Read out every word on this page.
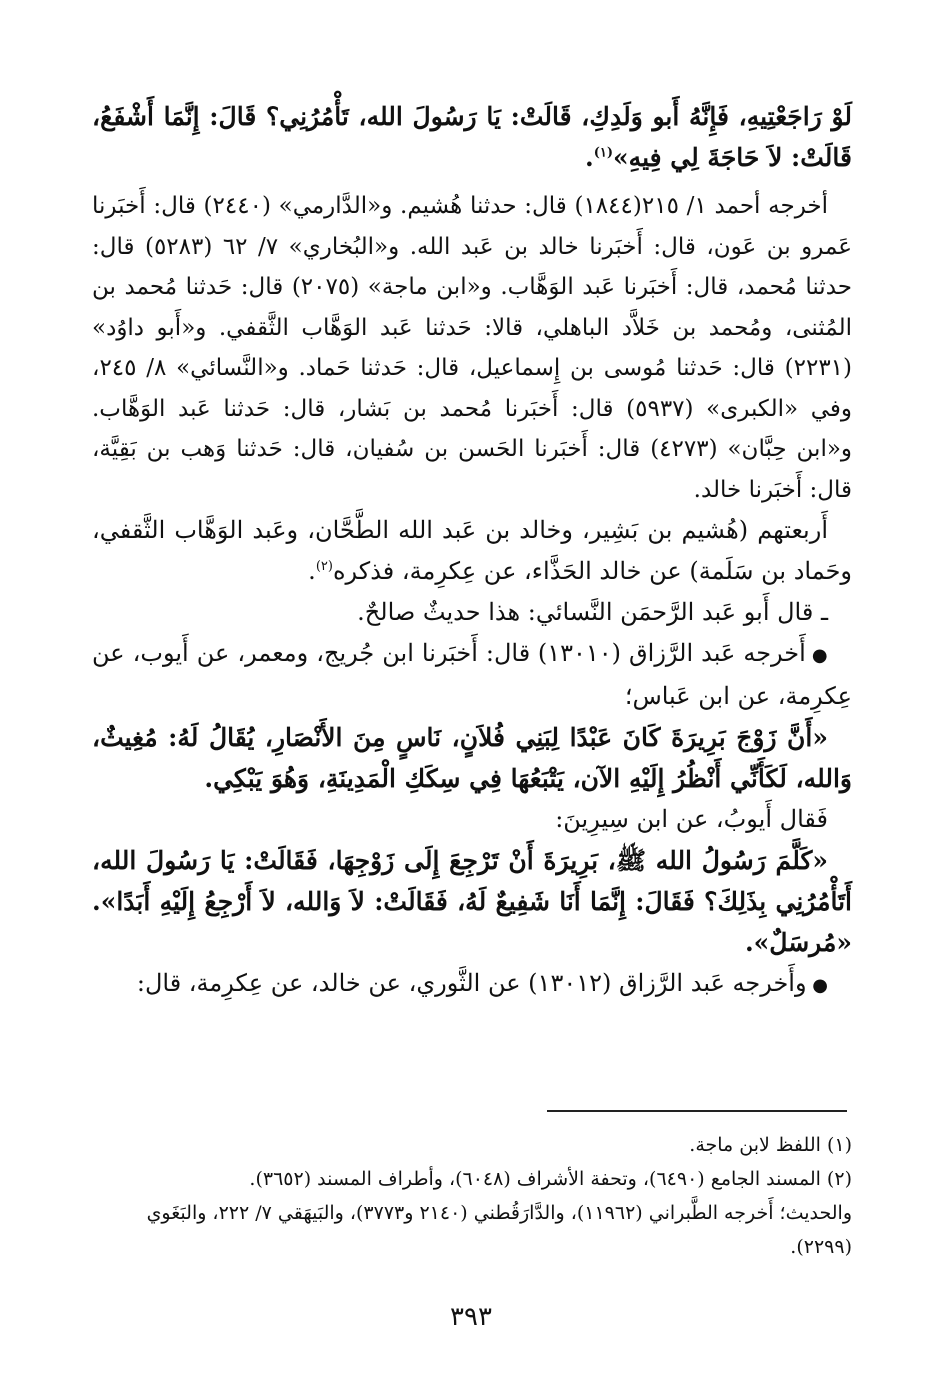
لَوْ رَاجَعْتِيهِ، فَإِنَّهُ أَبو وَلَدِكِ، قَالَتْ: يَا رَسُولَ الله، تَأْمُرُنِي؟ قَالَ: إِنَّمَا أَشْفَعُ، قَالَتْ: لاَ حَاجَةَ لِي فِيهِ»$^{(١)}$.

أخرجه أحمد ١/ ٢١٥(١٨٤٤) قال: حدثنا هُشيم. و«الدَّارمي» (٢٤٤٠) قال: أَخبَرنا عَمرو بن عَون، قال: أَخبَرنا خالد بن عَبد الله. و«البُخاري» ٧/ ٦٢ (٥٢٨٣) قال: حدثنا مُحمد، قال: أَخبَرنا عَبد الوَهَّاب. و«ابن ماجة» (٢٠٧٥) قال: حَدثنا مُحمد بن المُثنى، ومُحمد بن خَلاَّد الباهلي، قالا: حَدثنا عَبد الوَهَّاب الثَّقفي. و«أَبو داوُد» (٢٢٣١) قال: حَدثنا مُوسى بن إِسماعيل، قال: حَدثنا حَماد. و«النَّسائي» ٨/ ٢٤٥، وفي «الكبرى» (٥٩٣٧) قال: أَخبَرنا مُحمد بن بَشار، قال: حَدثنا عَبد الوَهَّاب. و«ابن حِبَّان» (٤٢٧٣) قال: أَخبَرنا الحَسن بن سُفيان، قال: حَدثنا وَهب بن بَقِيَّة، قال: أَخبَرنا خالد.

أَربعتهم (هُشيم بن بَشِير، وخالد بن عَبد الله الطَّحَّان، وعَبد الوَهَّاب الثَّقفي، وحَماد بن سَلَمة) عن خالد الحَذَّاء، عن عِكرِمة، فذكره$^{(٢)}$.

ـ قال أَبو عَبد الرَّحمَن النَّسائي: هذا حديثٌ صالحٌ.

● أَخرجه عَبد الرَّزاق (١٣٠١٠) قال: أَخبَرنا ابن جُريج، ومعمر، عن أَيوب، عن عِكرِمة، عن ابن عَباس؛

«أَنَّ زَوْجَ بَرِيرَةَ كَانَ عَبْدًا لِبَنِي فُلاَنٍ، نَاسٍ مِنَ الأَنْصَارِ، يُقَالُ لَهُ: مُغِيثٌ، وَالله، لَكَأَنِّي أَنْظُرُ إِلَيْهِ الآن، يَتْبَعُهَا فِي سِكَكِ الْمَدِينَةِ، وَهُوَ يَبْكِي.

فَقال أَيوبُ، عن ابن سِيرِينَ:

«كَلَّمَ رَسُولُ الله ﷺ، بَرِيرَةَ أَنْ تَرْجِعَ إِلَى زَوْجِهَا، فَقَالَتْ: يَا رَسُولَ الله، أَتَأْمُرُنِي بِذَلِكَ؟ فَقَالَ: إِنَّمَا أَنَا شَفِيعٌ لَهُ، فَقَالَتْ: لاَ وَالله، لاَ أَرْجِعُ إِلَيْهِ أَبَدًا». «مُرسَلٌ».

● وأَخرجه عَبد الرَّزاق (١٣٠١٢) عن الثَّوري، عن خالد، عن عِكرِمة، قال:

(١) اللفظ لابن ماجة.

(٢) المسند الجامع (٦٤٩٠)، وتحفة الأشراف (٦٠٤٨)، وأطراف المسند (٣٦٥٢).

والحديث؛ أَخرجه الطَّبراني (١١٩٦٢)، والدَّارَقُطني (٢١٤٠ و٣٧٧٣)، والبَيهَقي ٧/ ٢٢٢، والبَغَوي (٢٢٩٩).

٣٩٣
